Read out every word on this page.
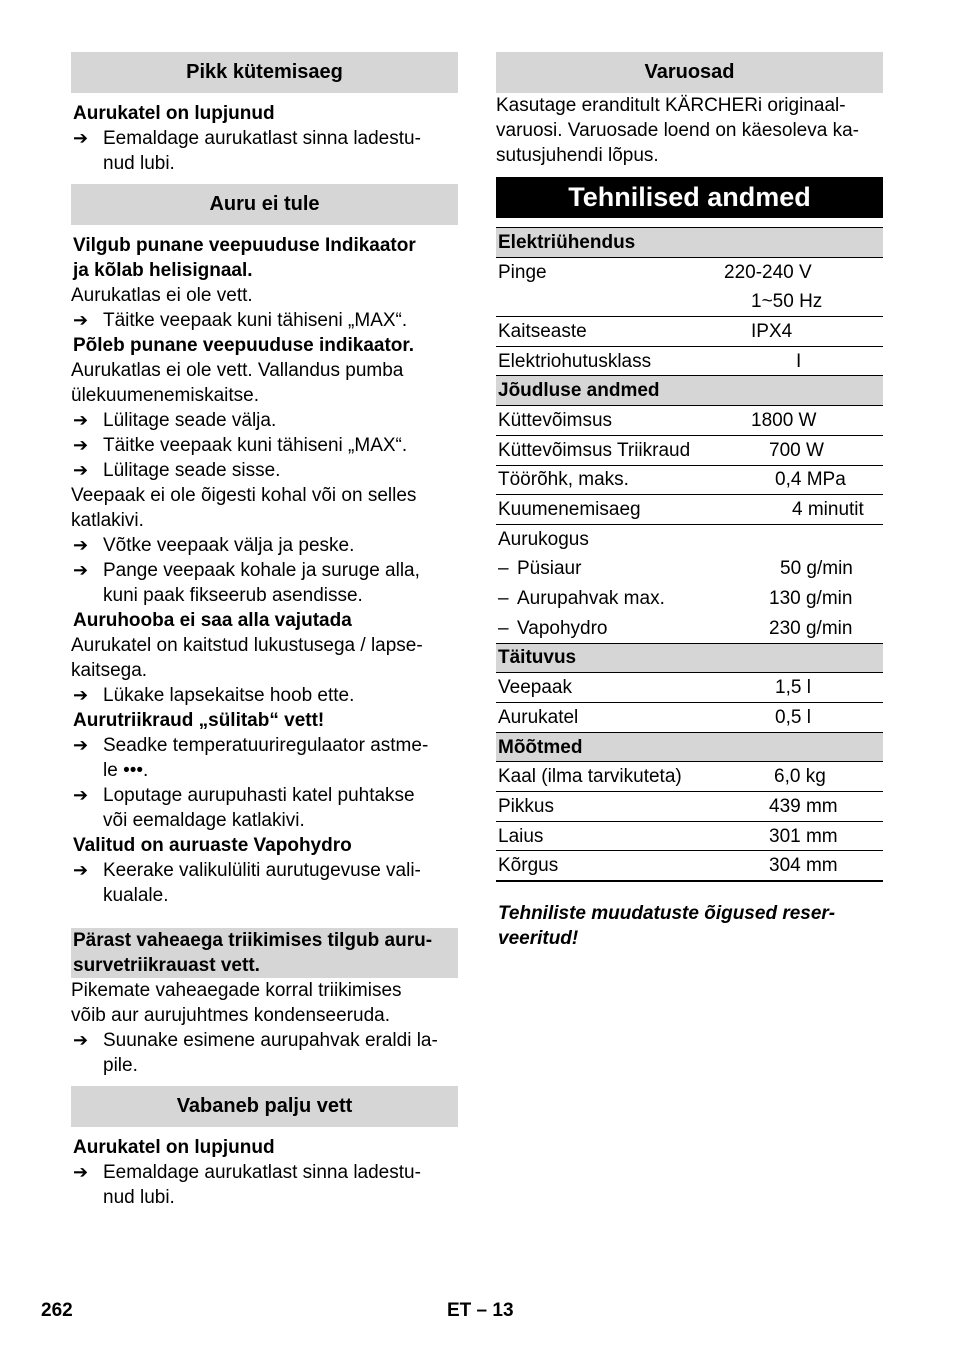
Pikk kütemisaeg
Aurukatel on lupjunud
➔ Eemaldage aurukatlast sinna ladestu-
nud lubi.
Auru ei tule
Vilgub punane veepuuduse Indikaator
ja kõlab helisignaal.
Aurukatlas ei ole vett.
➔ Täitke veepaak kuni tähiseni „MAX“.
Põleb punane veepuuduse indikaator.
Aurukatlas ei ole vett. Vallandus pumba
ülekuumenemiskaitse.
➔ Lülitage seade välja.
➔ Täitke veepaak kuni tähiseni „MAX“.
➔ Lülitage seade sisse.
Veepaak ei ole õigesti kohal või on selles
katlakivi.
➔ Võtke veepaak välja ja peske.
➔ Pange veepaak kohale ja suruge alla,
kuni paak fikseerub asendisse.
Auruhooba ei saa alla vajutada
Aurukatel on kaitstud lukustusega / lapse-
kaitsega.
➔ Lükake lapsekaitse hoob ette.
Aurutriikraud „sülitab“ vett!
➔ Seadke temperatuuriregulaator astme-
le •••.
➔ Loputage aurupuhasti katel puhtakse
või eemaldage katlakivi.
Valitud on auruaste Vapohydro
➔ Keerake valikulüliti aurutugevuse vali-
kualale.
Pärast vaheaega triikimises tilgub auru-
survetriikrauast vett.
Pikemate vaheaegade korral triikimises
võib aur aurujuhtmes kondenseeruda.
➔ Suunake esimene aurupahvak eraldi la-
pile.
Vabaneb palju vett
Aurukatel on lupjunud
➔ Eemaldage aurukatlast sinna ladestu-
nud lubi.
Varuosad
Kasutage eranditult KÄRCHERi originaal-
varuosi. Varuosade loend on käesoleva ka-
sutusjuhendi lõpus.
Tehnilised andmed
Elektriühendus	
Pinge	220-240 V
	1~50 Hz
Kaitseaste	IPX4
Elektriohutusklass	I
Jõudluse andmed	
Küttevõimsus	1800 W
Küttevõimsus Triikraud	700 W
Töörõhk, maks.	0,4 MPa
Kuumenemisaeg	4 minutit
Aurukogus	
– Püsiaur	50 g/min
– Aurupahvak max.	130 g/min
– Vapohydro	230 g/min
Täituvus	
Veepaak	1,5 l
Aurukatel	0,5 l
Mõõtmed	
Kaal (ilma tarvikuteta)	6,0 kg
Pikkus	439 mm
Laius	301 mm
Kõrgus	304 mm
Tehniliste muudatuste õigused reser-
veeritud!
262	ET – 13
